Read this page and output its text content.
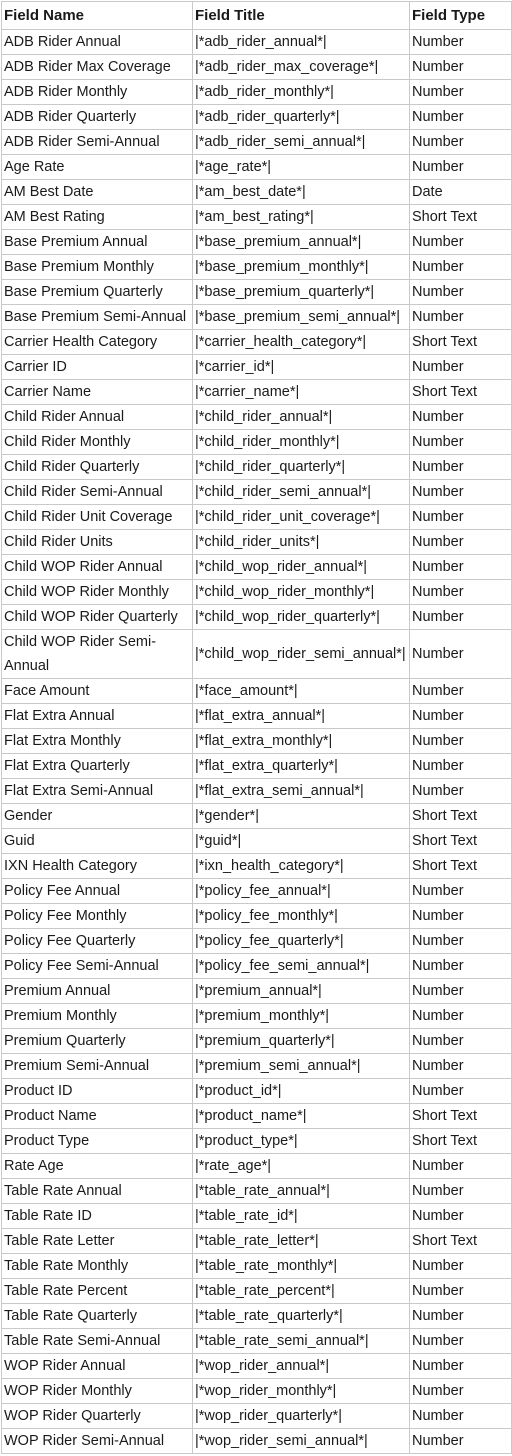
Field Name	Field Title	Field Type
ADB Rider Annual	|*adb_rider_annual*|	Number
ADB Rider Max Coverage	|*adb_rider_max_coverage*|	Number
ADB Rider Monthly	|*adb_rider_monthly*|	Number
ADB Rider Quarterly	|*adb_rider_quarterly*|	Number
ADB Rider Semi-Annual	|*adb_rider_semi_annual*|	Number
Age Rate	|*age_rate*|	Number
AM Best Date	|*am_best_date*|	Date
AM Best Rating	|*am_best_rating*|	Short Text
Base Premium Annual	|*base_premium_annual*|	Number
Base Premium Monthly	|*base_premium_monthly*|	Number
Base Premium Quarterly	|*base_premium_quarterly*|	Number
Base Premium Semi-Annual	|*base_premium_semi_annual*|	Number
Carrier Health Category	|*carrier_health_category*|	Short Text
Carrier ID	|*carrier_id*|	Number
Carrier Name	|*carrier_name*|	Short Text
Child Rider Annual	|*child_rider_annual*|	Number
Child Rider Monthly	|*child_rider_monthly*|	Number
Child Rider Quarterly	|*child_rider_quarterly*|	Number
Child Rider Semi-Annual	|*child_rider_semi_annual*|	Number
Child Rider Unit Coverage	|*child_rider_unit_coverage*|	Number
Child Rider Units	|*child_rider_units*|	Number
Child WOP Rider Annual	|*child_wop_rider_annual*|	Number
Child WOP Rider Monthly	|*child_wop_rider_monthly*|	Number
Child WOP Rider Quarterly	|*child_wop_rider_quarterly*|	Number
Child WOP Rider Semi-Annual	|*child_wop_rider_semi_annual*|	Number
Face Amount	|*face_amount*|	Number
Flat Extra Annual	|*flat_extra_annual*|	Number
Flat Extra Monthly	|*flat_extra_monthly*|	Number
Flat Extra Quarterly	|*flat_extra_quarterly*|	Number
Flat Extra Semi-Annual	|*flat_extra_semi_annual*|	Number
Gender	|*gender*|	Short Text
Guid	|*guid*|	Short Text
IXN Health Category	|*ixn_health_category*|	Short Text
Policy Fee Annual	|*policy_fee_annual*|	Number
Policy Fee Monthly	|*policy_fee_monthly*|	Number
Policy Fee Quarterly	|*policy_fee_quarterly*|	Number
Policy Fee Semi-Annual	|*policy_fee_semi_annual*|	Number
Premium Annual	|*premium_annual*|	Number
Premium Monthly	|*premium_monthly*|	Number
Premium Quarterly	|*premium_quarterly*|	Number
Premium Semi-Annual	|*premium_semi_annual*|	Number
Product ID	|*product_id*|	Number
Product Name	|*product_name*|	Short Text
Product Type	|*product_type*|	Short Text
Rate Age	|*rate_age*|	Number
Table Rate Annual	|*table_rate_annual*|	Number
Table Rate ID	|*table_rate_id*|	Number
Table Rate Letter	|*table_rate_letter*|	Short Text
Table Rate Monthly	|*table_rate_monthly*|	Number
Table Rate Percent	|*table_rate_percent*|	Number
Table Rate Quarterly	|*table_rate_quarterly*|	Number
Table Rate Semi-Annual	|*table_rate_semi_annual*|	Number
WOP Rider Annual	|*wop_rider_annual*|	Number
WOP Rider Monthly	|*wop_rider_monthly*|	Number
WOP Rider Quarterly	|*wop_rider_quarterly*|	Number
WOP Rider Semi-Annual	|*wop_rider_semi_annual*|	Number
